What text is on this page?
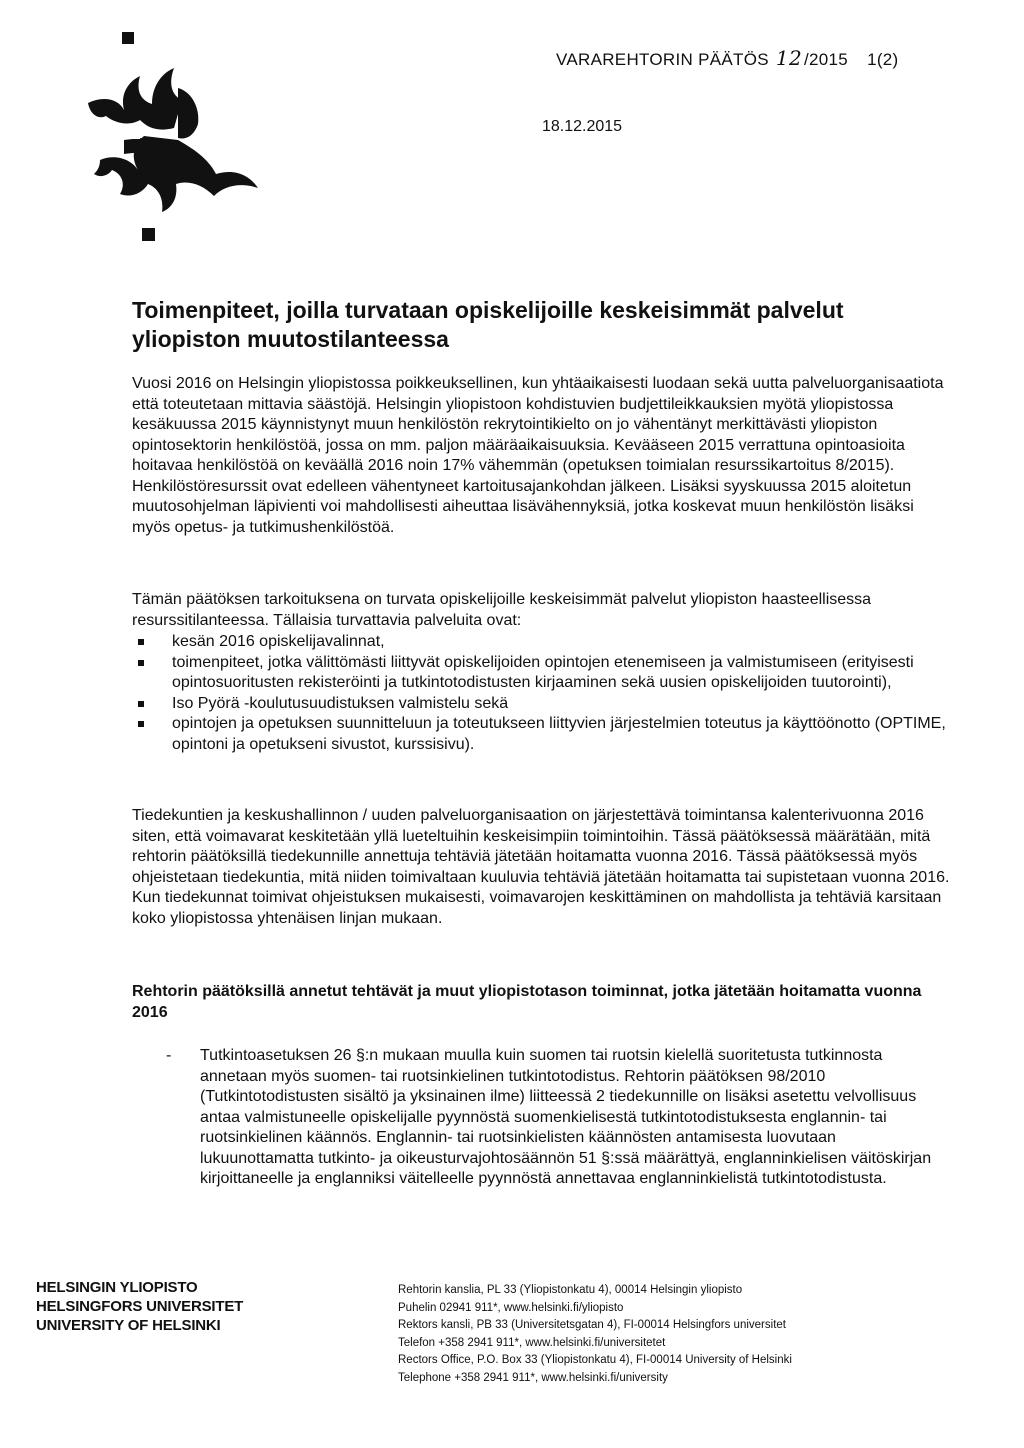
VARAREHTORIN PÄÄTÖS 12 /2015 1(2)
18.12.2015
Toimenpiteet, joilla turvataan opiskelijoille keskeisimmät palvelut yliopiston muutostilanteessa

Vuosi 2016 on Helsingin yliopistossa poikkeuksellinen, kun yhtäaikaisesti luodaan sekä uutta palveluorganisaatiota että toteutetaan mittavia säästöjä. Helsingin yliopistoon kohdistuvien budjettileikkauksien myötä yliopistossa kesäkuussa 2015 käynnistynyt muun henkilöstön rekrytointikielto on jo vähentänyt merkittävästi yliopiston opintosektorin henkilöstöä, jossa on mm. paljon määräaikaisuuksia. Kevääseen 2015 verrattuna opintoasioita hoitavaa henkilöstöä on keväällä 2016 noin 17% vähemmän (opetuksen toimialan resurssikartoitus 8/2015). Henkilöstöresurssit ovat edelleen vähentyneet kartoitusajankohdan jälkeen. Lisäksi syyskuussa 2015 aloitetun muutosohjelman läpivienti voi mahdollisesti aiheuttaa lisävähennyksiä, jotka koskevat muun henkilöstön lisäksi myös opetus- ja tutkimushenkilöstöä.

Tämän päätöksen tarkoituksena on turvata opiskelijoille keskeisimmät palvelut yliopiston haasteellisessa resurssitilanteessa. Tällaisia turvattavia palveluita ovat:

kesän 2016 opiskelijavalinnat,
toimenpiteet, jotka välittömästi liittyvät opiskelijoiden opintojen etenemiseen ja valmistumiseen (erityisesti opintosuoritusten rekisteröinti ja tutkintotodistusten kirjaaminen sekä uusien opiskelijoiden tuutorointi),
Iso Pyörä -koulutusuudistuksen valmistelu sekä
opintojen ja opetuksen suunnitteluun ja toteutukseen liittyvien järjestelmien toteutus ja käyttöönotto (OPTIME, opintoni ja opetukseni sivustot, kurssisivu).

Tiedekuntien ja keskushallinnon / uuden palveluorganisaation on järjestettävä toimintansa kalenterivuonna 2016 siten, että voimavarat keskitetään yllä lueteltuihin keskeisimpiin toimintoihin. Tässä päätöksessä määrätään, mitä rehtorin päätöksillä tiedekunnille annettuja tehtäviä jätetään hoitamatta vuonna 2016. Tässä päätöksessä myös ohjeistetaan tiedekuntia, mitä niiden toimivaltaan kuuluvia tehtäviä jätetään hoitamatta tai supistetaan vuonna 2016. Kun tiedekunnat toimivat ohjeistuksen mukaisesti, voimavarojen keskittäminen on mahdollista ja tehtäviä karsitaan koko yliopistossa yhtenäisen linjan mukaan.

Rehtorin päätöksillä annetut tehtävät ja muut yliopistotason toiminnat, jotka jätetään hoitamatta vuonna 2016
- Tutkintoasetuksen 26 §:n mukaan muulla kuin suomen tai ruotsin kielellä suoritetusta tutkinnosta annetaan myös suomen- tai ruotsinkielinen tutkintotodistus. Rehtorin päätöksen 98/2010 (Tutkintotodistusten sisältö ja yksinainen ilme) liitteessä 2 tiedekunnille on lisäksi asetettu velvollisuus antaa valmistuneelle opiskelijalle pyynnöstä suomenkielisestä tutkintotodistuksesta englannin- tai ruotsinkielinen käännös. Englannin- tai ruotsinkielisten käännösten antamisesta luovutaan lukuunottamatta tutkinto- ja oikeusturvajohtosäännön 51 §:ssä määrättyä, englanninkielisen väitöskirjan kirjoittaneelle ja englanniksi väitelleelle pyynnöstä annettavaa englanninkielistä tutkintotodistusta.
HELSINGIN YLIOPISTO
HELSINGFORS UNIVERSITET
UNIVERSITY OF HELSINKI
Rehtorin kanslia, PL 33 (Yliopistonkatu 4), 00014 Helsingin yliopisto
Puhelin 02941 911*, www.helsinki.fi/yliopisto
Rektors kansli, PB 33 (Universitetsgatan 4), FI-00014 Helsingfors universitet
Telefon +358 2941 911*, www.helsinki.fi/universitetet
Rectors Office, P.O. Box 33 (Yliopistonkatu 4), FI-00014 University of Helsinki
Telephone +358 2941 911*, www.helsinki.fi/university
